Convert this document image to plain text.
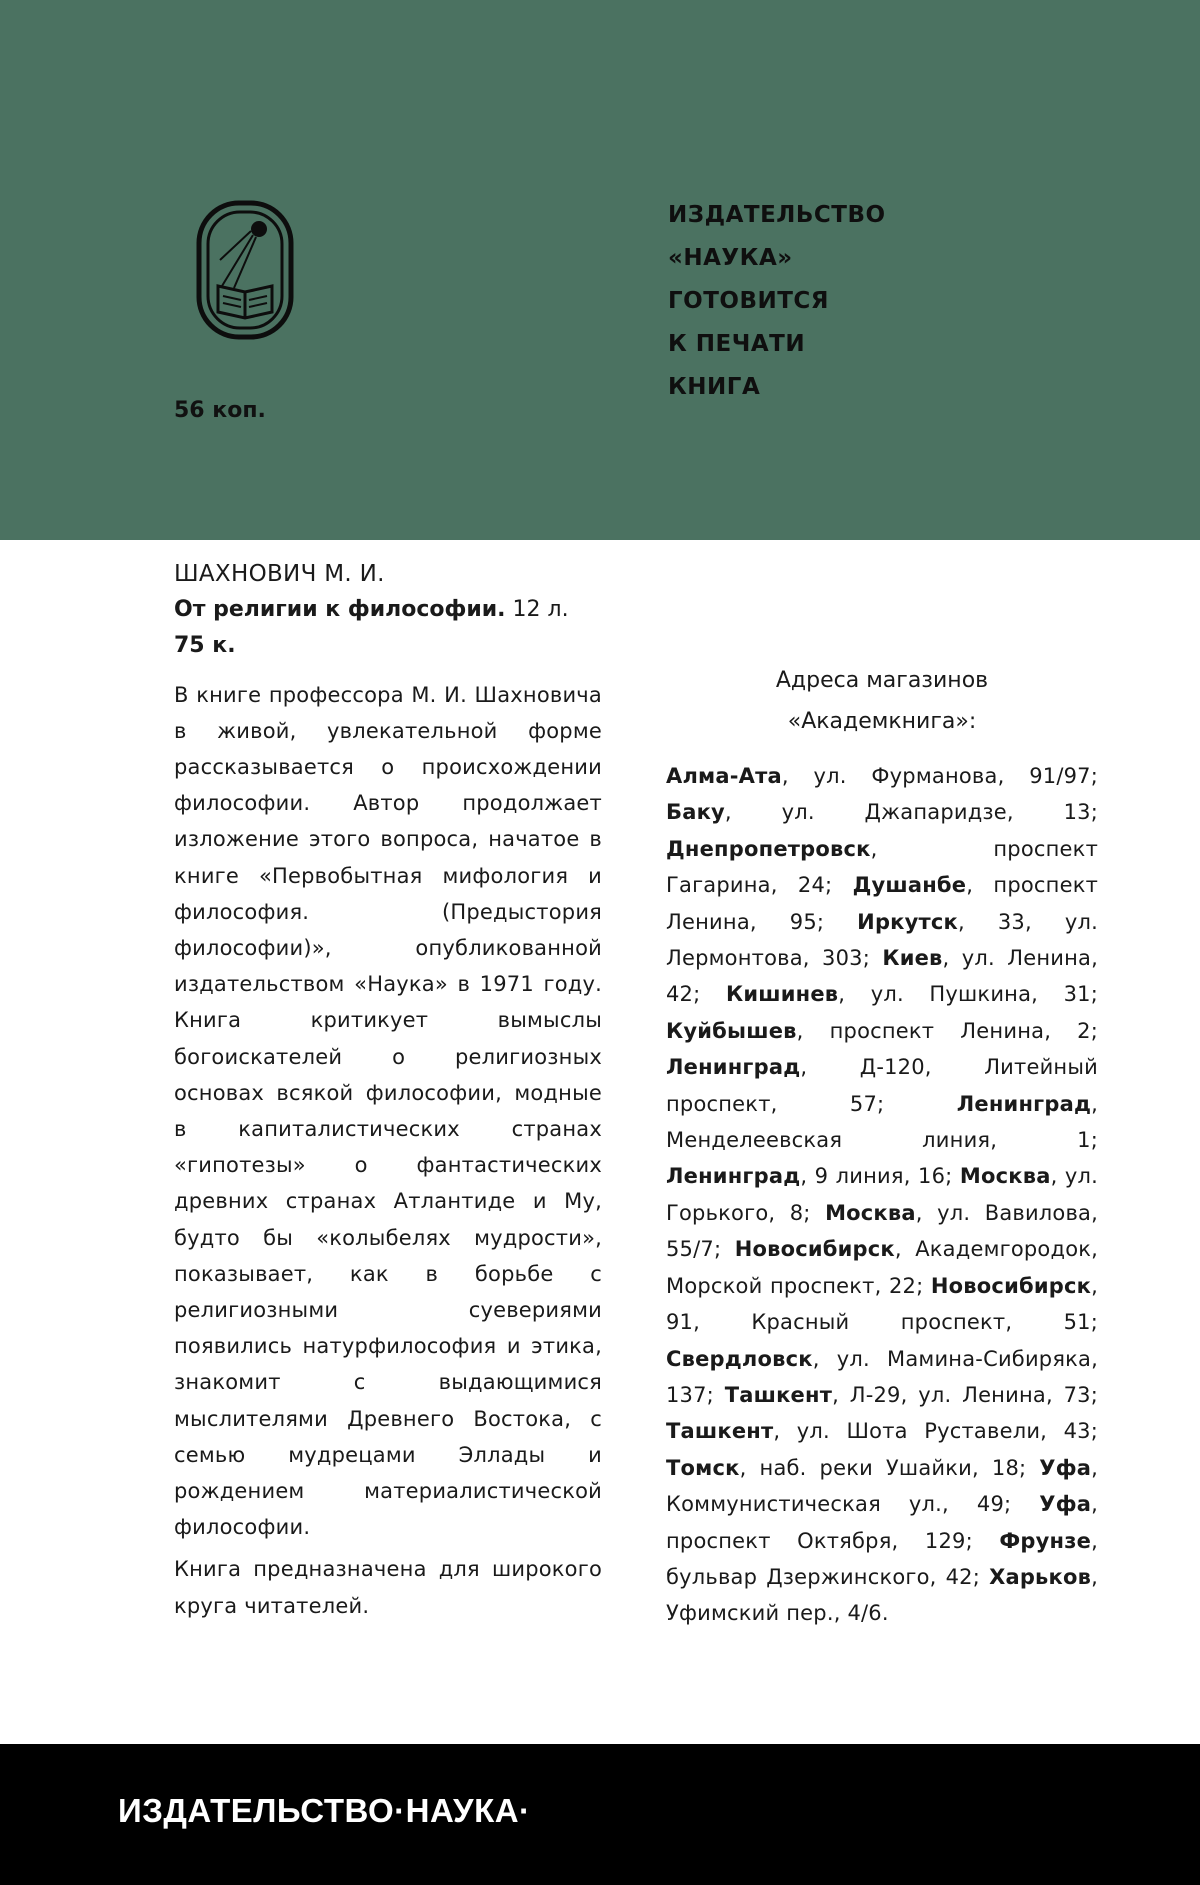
56 коп.
ИЗДАТЕЛЬСТВО
«НАУКА»
ГОТОВИТСЯ
К ПЕЧАТИ
КНИГА
ШАХНОВИЧ М. И.
От религии к философии. 12 л.
75 к.
В книге профессора М. И. Шахновича в живой, увлекательной форме рассказывается о происхождении философии. Автор продолжает изложение этого вопроса, начатое в книге «Первобытная мифология и философия. (Предыстория философии)», опубликованной издательством «Наука» в 1971 году. Книга критикует вымыслы богоискателей о религиозных основах всякой философии, модные в капиталистических странах «гипотезы» о фантастических древних странах Атлантиде и Му, будто бы «колыбелях мудрости», показывает, как в борьбе с религиозными суевериями появились натурфилософия и этика, знакомит с выдающимися мыслителями Древнего Востока, с семью мудрецами Эллады и рождением материалистической философии.
Книга предназначена для широкого круга читателей.
Адреса магазинов
«Академкнига»:
Алма-Ата, ул. Фурманова, 91/97; Баку, ул. Джапаридзе, 13; Днепропетровск, проспект Гагарина, 24; Душанбе, проспект Ленина, 95; Иркутск, 33, ул. Лермонтова, 303; Киев, ул. Ленина, 42; Кишинев, ул. Пушкина, 31; Куйбышев, проспект Ленина, 2; Ленинград, Д-120, Литейный проспект, 57; Ленинград, Менделеевская линия, 1; Ленинград, 9 линия, 16; Москва, ул. Горького, 8; Москва, ул. Вавилова, 55/7; Новосибирск, Академгородок, Морской проспект, 22; Новосибирск, 91, Красный проспект, 51; Свердловск, ул. Мамина-Сибиряка, 137; Ташкент, Л-29, ул. Ленина, 73; Ташкент, ул. Шота Руставели, 43; Томск, наб. реки Ушайки, 18; Уфа, Коммунистическая ул., 49; Уфа, проспект Октября, 129; Фрунзе, бульвар Дзержинского, 42; Харьков, Уфимский пер., 4/6.
ИЗДАТЕЛЬСТВО·НАУКА·
